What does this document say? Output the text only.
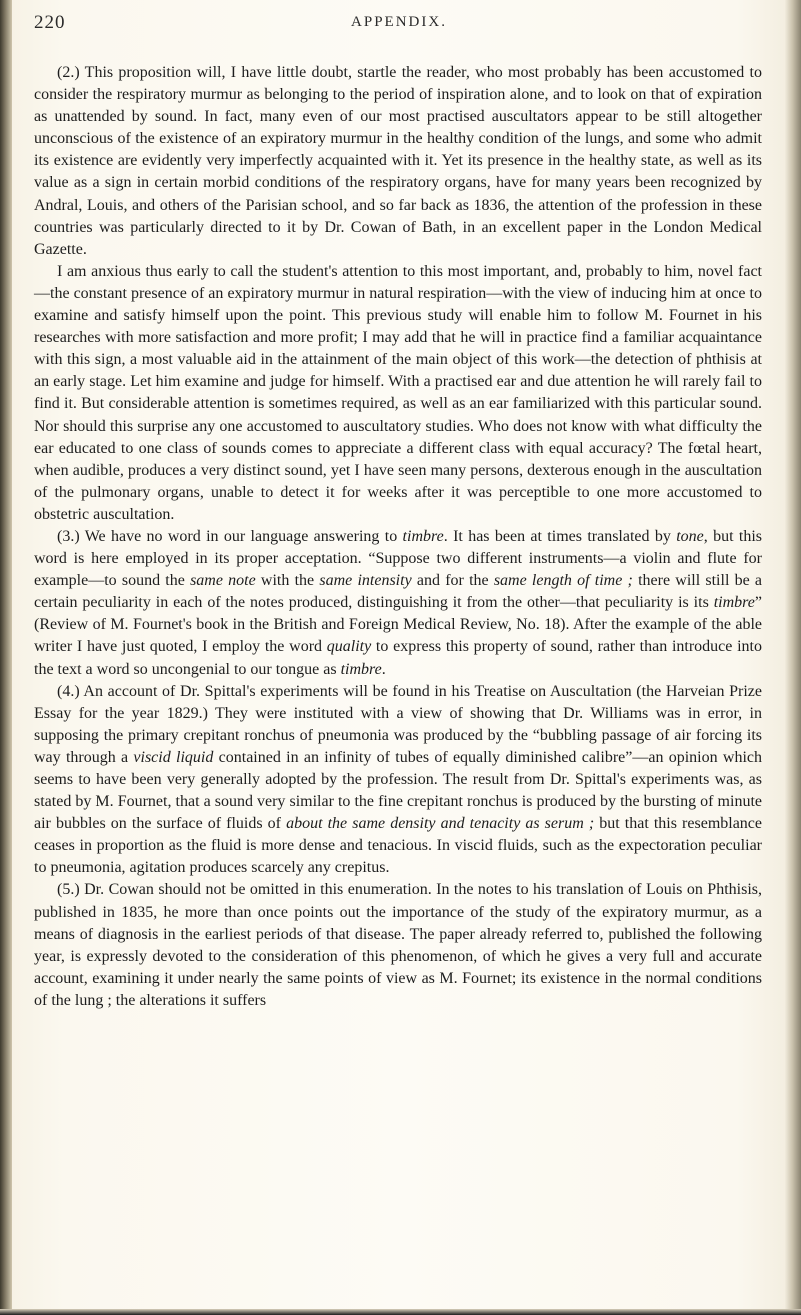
220	APPENDIX.

(2.) This proposition will, I have little doubt, startle the reader, who most probably has been accustomed to consider the respiratory murmur as belonging to the period of inspiration alone, and to look on that of expiration as unattended by sound. In fact, many even of our most practised auscultators appear to be still altogether unconscious of the existence of an expiratory murmur in the healthy condition of the lungs, and some who admit its existence are evidently very imperfectly acquainted with it. Yet its presence in the healthy state, as well as its value as a sign in certain morbid conditions of the respiratory organs, have for many years been recognized by Andral, Louis, and others of the Parisian school, and so far back as 1836, the attention of the profession in these countries was particularly directed to it by Dr. Cowan of Bath, in an excellent paper in the London Medical Gazette.

I am anxious thus early to call the student's attention to this most important, and, probably to him, novel fact—the constant presence of an expiratory murmur in natural respiration—with the view of inducing him at once to examine and satisfy himself upon the point. This previous study will enable him to follow M. Fournet in his researches with more satisfaction and more profit; I may add that he will in practice find a familiar acquaintance with this sign, a most valuable aid in the attainment of the main object of this work—the detection of phthisis at an early stage. Let him examine and judge for himself. With a practised ear and due attention he will rarely fail to find it. But considerable attention is sometimes required, as well as an ear familiarized with this particular sound. Nor should this surprise any one accustomed to auscultatory studies. Who does not know with what difficulty the ear educated to one class of sounds comes to appreciate a different class with equal accuracy? The fœtal heart, when audible, produces a very distinct sound, yet I have seen many persons, dexterous enough in the auscultation of the pulmonary organs, unable to detect it for weeks after it was perceptible to one more accustomed to obstetric auscultation.

(3.) We have no word in our language answering to timbre. It has been at times translated by tone, but this word is here employed in its proper acceptation. “Suppose two different instruments—a violin and flute for example—to sound the same note with the same intensity and for the same length of time ; there will still be a certain peculiarity in each of the notes produced, distinguishing it from the other—that peculiarity is its timbre” (Review of M. Fournet's book in the British and Foreign Medical Review, No. 18). After the example of the able writer I have just quoted, I employ the word quality to express this property of sound, rather than introduce into the text a word so uncongenial to our tongue as timbre.

(4.) An account of Dr. Spittal's experiments will be found in his Treatise on Auscultation (the Harveian Prize Essay for the year 1829.) They were instituted with a view of showing that Dr. Williams was in error, in supposing the primary crepitant ronchus of pneumonia was produced by the “bubbling passage of air forcing its way through a viscid liquid contained in an infinity of tubes of equally diminished calibre”—an opinion which seems to have been very generally adopted by the profession. The result from Dr. Spittal's experiments was, as stated by M. Fournet, that a sound very similar to the fine crepitant ronchus is produced by the bursting of minute air bubbles on the surface of fluids of about the same density and tenacity as serum ; but that this resemblance ceases in proportion as the fluid is more dense and tenacious. In viscid fluids, such as the expectoration peculiar to pneumonia, agitation produces scarcely any crepitus.

(5.) Dr. Cowan should not be omitted in this enumeration. In the notes to his translation of Louis on Phthisis, published in 1835, he more than once points out the importance of the study of the expiratory murmur, as a means of diagnosis in the earliest periods of that disease. The paper already referred to, published the following year, is expressly devoted to the consideration of this phenomenon, of which he gives a very full and accurate account, examining it under nearly the same points of view as M. Fournet; its existence in the normal conditions of the lung ; the alterations it suffers
